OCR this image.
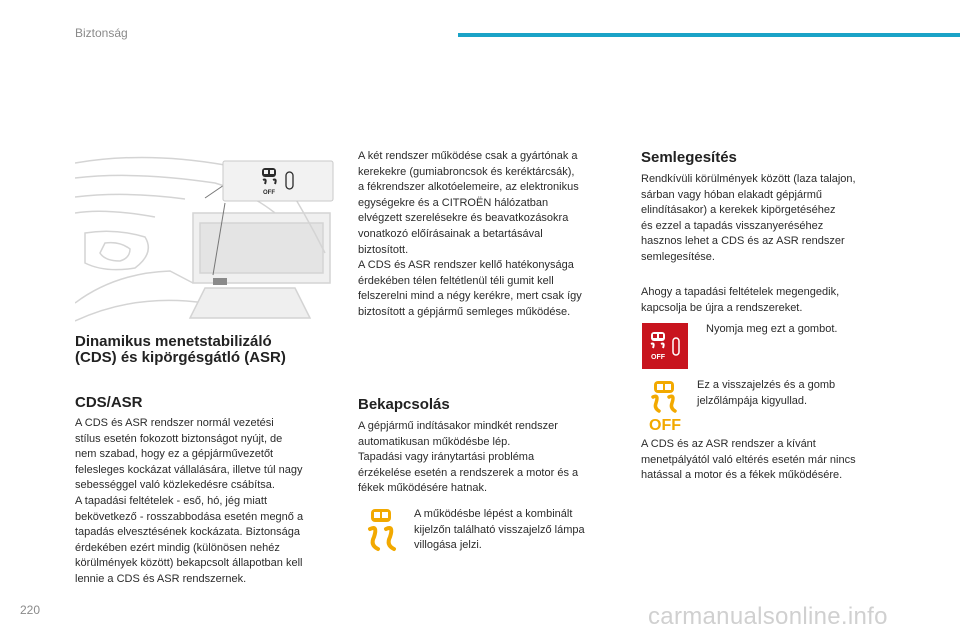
Biztonság
OFF
Dinamikus menetstabilizáló
(CDS) és kipörgésgátló (ASR)
CDS/ASR

A CDS és ASR rendszer normál vezetési

stílus esetén fokozott biztonságot nyújt, de

nem szabad, hogy ez a gépjárművezetőt

felesleges kockázat vállalására, illetve túl nagy

sebességgel való közlekedésre csábítsa.

A tapadási feltételek - eső, hó, jég miatt

bekövetkező - rosszabbodása esetén megnő a

tapadás elvesztésének kockázata. Biztonsága

érdekében ezért mindig (különösen nehéz

körülmények között) bekapcsolt állapotban kell

lennie a CDS és ASR rendszernek.

A két rendszer működése csak a gyártónak a

kerekekre (gumiabroncsok és keréktárcsák),

a fékrendszer alkotóelemeire, az elektronikus

egységekre és a CITROËN hálózatban

elvégzett szerelésekre és beavatkozásokra

vonatkozó előírásainak a betartásával

biztosított.

A CDS és ASR rendszer kellő hatékonysága

érdekében télen feltétlenül téli gumit kell

felszerelni mind a négy kerékre, mert csak így

biztosított a gépjármű semleges működése.

Bekapcsolás

A gépjármű indításakor mindkét rendszer

automatikusan működésbe lép.

Tapadási vagy iránytartási probléma

érzékelése esetén a rendszerek a motor és a

fékek működésére hatnak.

A működésbe lépést a kombinált

kijelzőn található visszajelző lámpa

villogása jelzi.

Semlegesítés

Rendkívüli körülmények között (laza talajon,

sárban vagy hóban elakadt gépjármű

elindításakor) a kerekek kipörgetéséhez

és ezzel a tapadás visszanyeréséhez

hasznos lehet a CDS és az ASR rendszer

semlegesítése.

Ahogy a tapadási feltételek megengedik,

kapcsolja be újra a rendszereket.

OFF
Nyomja meg ezt a gombot.
OFF

Ez a visszajelzés és a gomb

jelzőlámpája kigyullad.

A CDS és az ASR rendszer a kívánt

menetpályától való eltérés esetén már nincs

hatással a motor és a fékek működésére.

220	carmanualsonline.info
